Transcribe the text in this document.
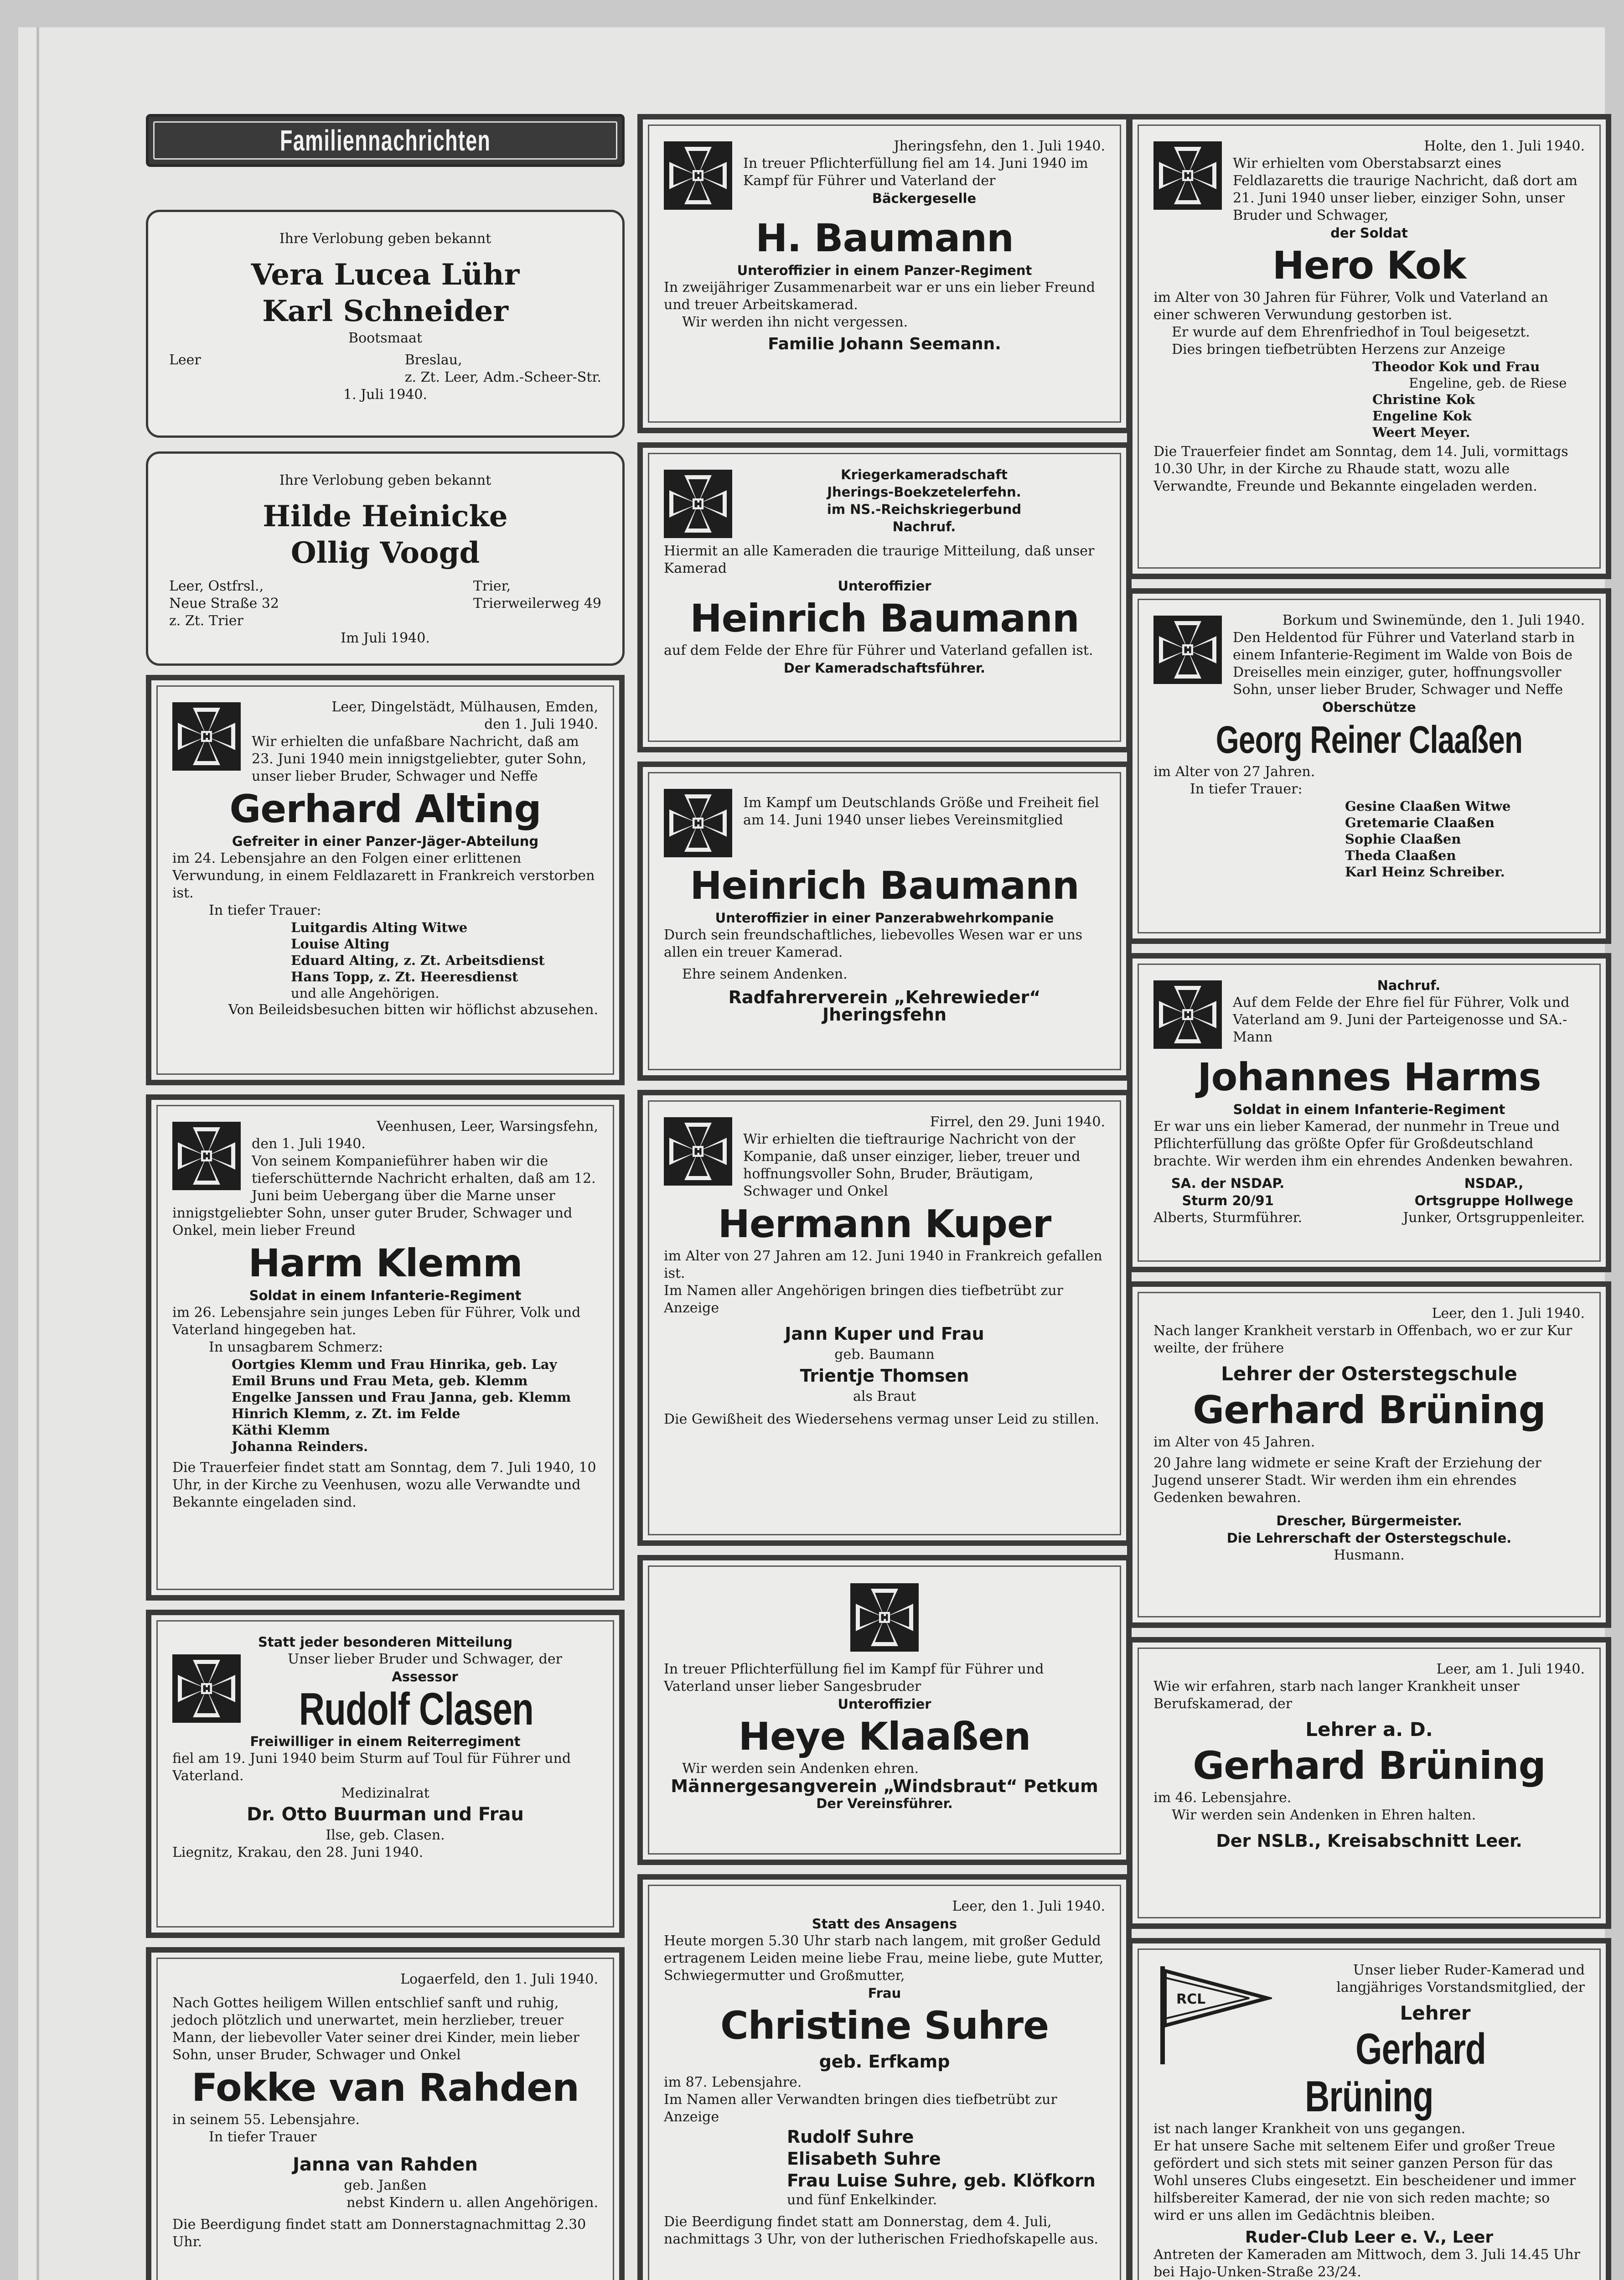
Familiennachrichten

Ihre Verlobung geben bekannt

Vera Lucea Lühr

Karl Schneider

Bootsmaat

Leer	Breslau,

z. Zt. Leer, Adm.-Scheer-Str.

1. Juli 1940.

Ihre Verlobung geben bekannt

Hilde Heinicke

Ollig Voogd

Leer, Ostfrsl.,

Neue Straße 32

z. Zt. Trier

Trier,

Trierweilerweg 49

Im Juli 1940.

Leer, Dingelstädt, Mülhausen, Emden,

den 1. Juli 1940.

Wir erhielten die unfaßbare Nachricht, daß am 23. Juni 1940 mein innigstgeliebter, guter Sohn, unser lieber Bruder, Schwager und Neffe

Gerhard Alting

Gefreiter in einer Panzer-Jäger-Abteilung

im 24. Lebensjahre an den Folgen einer erlittenen Verwundung, in einem Feldlazarett in Frankreich verstorben ist.

In tiefer Trauer:

Luitgardis Alting Witwe

Louise Alting

Eduard Alting, z. Zt. Arbeitsdienst

Hans Topp, z. Zt. Heeresdienst

und alle Angehörigen.

Von Beileidsbesuchen bitten wir höflichst abzusehen.

Veenhusen, Leer, Warsingsfehn,

den 1. Juli 1940.

Von seinem Kompanieführer haben wir die tieferschütternde Nachricht erhalten, daß am 12. Juni beim Uebergang über die Marne unser innigstgeliebter Sohn, unser guter Bruder, Schwager und Onkel, mein lieber Freund

Harm Klemm

Soldat in einem Infanterie-Regiment

im 26. Lebensjahre sein junges Leben für Führer, Volk und Vaterland hingegeben hat.

In unsagbarem Schmerz:

Oortgies Klemm und Frau Hinrika, geb. Lay

Emil Bruns und Frau Meta, geb. Klemm

Engelke Janssen und Frau Janna, geb. Klemm

Hinrich Klemm, z. Zt. im Felde

Käthi Klemm

Johanna Reinders.

Die Trauerfeier findet statt am Sonntag, dem 7. Juli 1940, 10 Uhr, in der Kirche zu Veenhusen, wozu alle Verwandte und Bekannte eingeladen sind.

Statt jeder besonderen Mitteilung

Unser lieber Bruder und Schwager, der

Assessor

Rudolf Clasen

Freiwilliger in einem Reiterregiment

fiel am 19. Juni 1940 beim Sturm auf Toul für Führer und Vaterland.

Medizinalrat

Dr. Otto Buurman und Frau

Ilse, geb. Clasen.

Liegnitz, Krakau, den 28. Juni 1940.

Logaerfeld, den 1. Juli 1940.

Nach Gottes heiligem Willen entschlief sanft und ruhig, jedoch plötzlich und unerwartet, mein herzlieber, treuer Mann, der liebevoller Vater seiner drei Kinder, mein lieber Sohn, unser Bruder, Schwager und Onkel

Fokke van Rahden

in seinem 55. Lebensjahre.

In tiefer Trauer

Janna van Rahden

geb. Janßen

nebst Kindern u. allen Angehörigen.

Die Beerdigung findet statt am Donnerstagnachmittag 2.30 Uhr.

Jheringsfehn, den 1. Juli 1940.

In treuer Pflichterfüllung fiel am 14. Juni 1940 im Kampf für Führer und Vaterland der

Bäckergeselle

H. Baumann

Unteroffizier in einem Panzer-Regiment

In zweijähriger Zusammenarbeit war er uns ein lieber Freund und treuer Arbeitskamerad.

Wir werden ihn nicht vergessen.

Familie Johann Seemann.

Kriegerkameradschaft

Jherings-Boekzetelerfehn.

im NS.-Reichskriegerbund

Nachruf.

Hiermit an alle Kameraden die traurige Mitteilung, daß unser Kamerad

Unteroffizier

Heinrich Baumann

auf dem Felde der Ehre für Führer und Vaterland gefallen ist.

Der Kameradschaftsführer.

Im Kampf um Deutschlands Größe und Freiheit fiel am 14. Juni 1940 unser liebes Vereinsmitglied

Heinrich Baumann

Unteroffizier in einer Panzerabwehrkompanie

Durch sein freundschaftliches, liebevolles Wesen war er uns allen ein treuer Kamerad.

Ehre seinem Andenken.

Radfahrerverein „Kehrewieder“ Jheringsfehn

Firrel, den 29. Juni 1940.

Wir erhielten die tieftraurige Nachricht von der Kompanie, daß unser einziger, lieber, treuer und hoffnungsvoller Sohn, Bruder, Bräutigam, Schwager und Onkel

Hermann Kuper

im Alter von 27 Jahren am 12. Juni 1940 in Frankreich gefallen ist.

Im Namen aller Angehörigen bringen dies tiefbetrübt zur Anzeige

Jann Kuper und Frau

geb. Baumann

Trientje Thomsen

als Braut

Die Gewißheit des Wiedersehens vermag unser Leid zu stillen.

In treuer Pflichterfüllung fiel im Kampf für Führer und Vaterland unser lieber Sangesbruder

Unteroffizier

Heye Klaaßen

Wir werden sein Andenken ehren.

Männergesangverein „Windsbraut“ Petkum

Der Vereinsführer.

Leer, den 1. Juli 1940.

Statt des Ansagens

Heute morgen 5.30 Uhr starb nach langem, mit großer Geduld ertragenem Leiden meine liebe Frau, meine liebe, gute Mutter, Schwiegermutter und Großmutter,

Frau

Christine Suhre

geb. Erfkamp

im 87. Lebensjahre.

Im Namen aller Verwandten bringen dies tiefbetrübt zur Anzeige

Rudolf Suhre

Elisabeth Suhre

Frau Luise Suhre, geb. Klöfkorn

und fünf Enkelkinder.

Die Beerdigung findet statt am Donnerstag, dem 4. Juli, nachmittags 3 Uhr, von der lutherischen Friedhofskapelle aus.

Holte, den 1. Juli 1940.

Wir erhielten vom Oberstabsarzt eines Feldlazaretts die traurige Nachricht, daß dort am 21. Juni 1940 unser lieber, einziger Sohn, unser Bruder und Schwager,

der Soldat

Hero Kok

im Alter von 30 Jahren für Führer, Volk und Vaterland an einer schweren Verwundung gestorben ist.

Er wurde auf dem Ehrenfriedhof in Toul beigesetzt.

Dies bringen tiefbetrübten Herzens zur Anzeige

Theodor Kok und Frau

Engeline, geb. de Riese

Christine Kok

Engeline Kok

Weert Meyer.

Die Trauerfeier findet am Sonntag, dem 14. Juli, vormittags 10.30 Uhr, in der Kirche zu Rhaude statt, wozu alle Verwandte, Freunde und Bekannte eingeladen werden.

Borkum und Swinemünde, den 1. Juli 1940.

Den Heldentod für Führer und Vaterland starb in einem Infanterie-Regiment im Walde von Bois de Dreiselles mein einziger, guter, hoffnungsvoller Sohn, unser lieber Bruder, Schwager und Neffe

Oberschütze

Georg Reiner Claaßen

im Alter von 27 Jahren.

In tiefer Trauer:

Gesine Claaßen Witwe

Gretemarie Claaßen

Sophie Claaßen

Theda Claaßen

Karl Heinz Schreiber.

Nachruf.

Auf dem Felde der Ehre fiel für Führer, Volk und Vaterland am 9. Juni der Parteigenosse und SA.-Mann

Johannes Harms

Soldat in einem Infanterie-Regiment

Er war uns ein lieber Kamerad, der nunmehr in Treue und Pflichterfüllung das größte Opfer für Großdeutschland brachte. Wir werden ihm ein ehrendes Andenken bewahren.

SA. der NSDAP.

Sturm 20/91

Alberts, Sturmführer.

NSDAP.,

Ortsgruppe Hollwege

Junker, Ortsgruppenleiter.

Leer, den 1. Juli 1940.

Nach langer Krankheit verstarb in Offenbach, wo er zur Kur weilte, der frühere

Lehrer der Osterstegschule

Gerhard Brüning

im Alter von 45 Jahren.

20 Jahre lang widmete er seine Kraft der Erziehung der Jugend unserer Stadt. Wir werden ihm ein ehrendes Gedenken bewahren.

Drescher, Bürgermeister.

Die Lehrerschaft der Osterstegschule.

Husmann.

Leer, am 1. Juli 1940.

Wie wir erfahren, starb nach langer Krankheit unser Berufskamerad, der

Lehrer a. D.

Gerhard Brüning

im 46. Lebensjahre.

Wir werden sein Andenken in Ehren halten.

Der NSLB., Kreisabschnitt Leer.

RCL

Unser lieber Ruder-Kamerad und langjähriges Vorstandsmitglied, der

Lehrer

Gerhard Brüning

ist nach langer Krankheit von uns gegangen.

Er hat unsere Sache mit seltenem Eifer und großer Treue gefördert und sich stets mit seiner ganzen Person für das Wohl unseres Clubs eingesetzt. Ein bescheidener und immer hilfsbereiter Kamerad, der nie von sich reden machte; so wird er uns allen im Gedächtnis bleiben.

Ruder-Club Leer e. V., Leer

Antreten der Kameraden am Mittwoch, dem 3. Juli 14.45 Uhr bei Hajo-Unken-Straße 23/24.
